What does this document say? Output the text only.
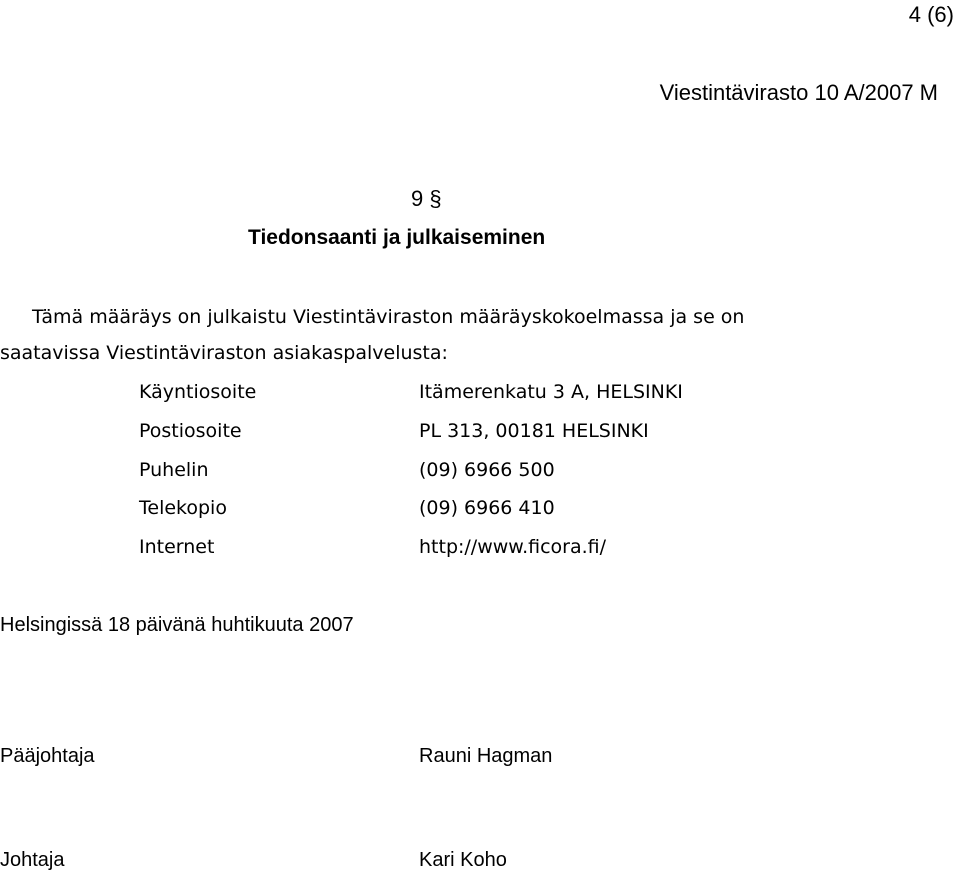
4 (6)
Viestintävirasto 10 A/2007 M
9 §
Tiedonsaanti ja julkaiseminen
Tämä määräys on julkaistu Viestintäviraston määräyskokoelmassa ja se on
saatavissa Viestintäviraston asiakaspalvelusta:
Käyntiosoite	Itämerenkatu 3 A, HELSINKI
Postiosoite	PL 313, 00181 HELSINKI
Puhelin	(09) 6966 500
Telekopio	(09) 6966 410
Internet	http://www.ficora.fi/
Helsingissä 18 päivänä huhtikuuta 2007
Pääjohtaja	Rauni Hagman
Johtaja	Kari Koho
